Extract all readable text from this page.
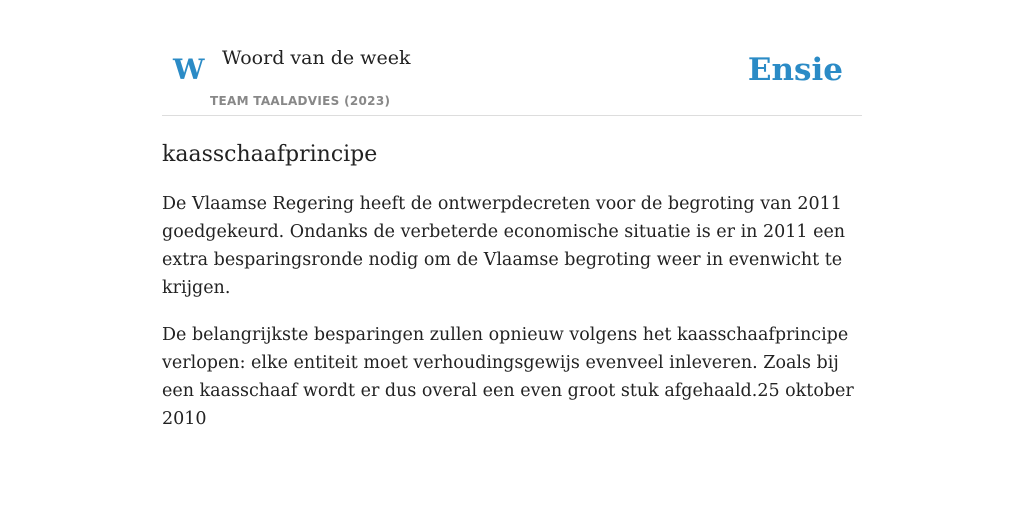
W Woord van de week
TEAM TAALADVIES (2023)
Ensie
kaasschaafprincipe

De Vlaamse Regering heeft de ontwerpdecreten voor de begroting van 2011 goedgekeurd. Ondanks de verbeterde economische situatie is er in 2011 een extra besparingsronde nodig om de Vlaamse begroting weer in evenwicht te krijgen.

De belangrijkste besparingen zullen opnieuw volgens het kaasschaafprincipe verlopen: elke entiteit moet verhoudingsgewijs evenveel inleveren. Zoals bij een kaasschaaf wordt er dus overal een even groot stuk afgehaald.25 oktober 2010
